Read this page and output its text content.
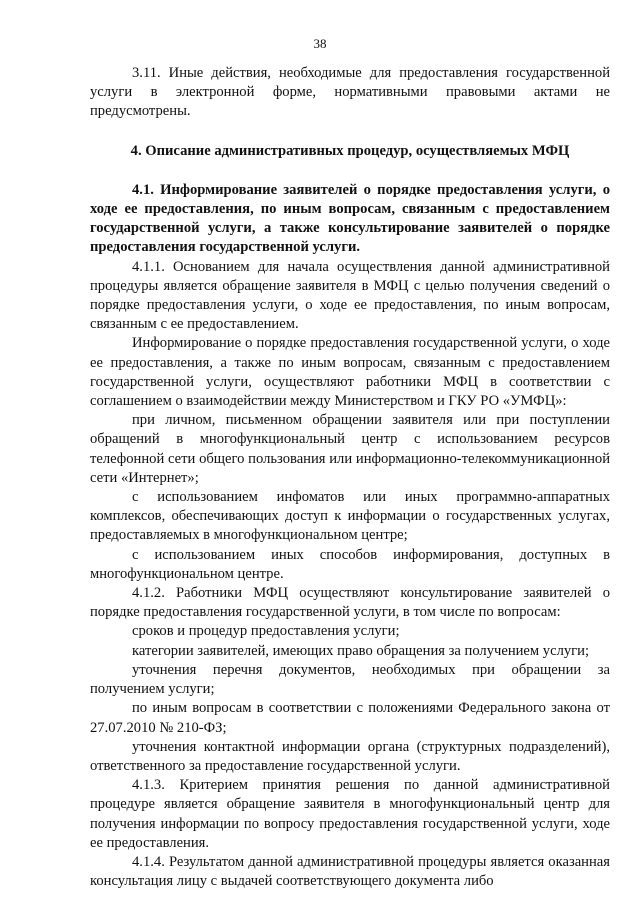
38

3.11. Иные действия, необходимые для предоставления государственной услуги в электронной форме, нормативными правовыми актами не предусмотрены.

4. Описание административных процедур, осуществляемых МФЦ

4.1. Информирование заявителей о порядке предоставления услуги, о ходе ее предоставления, по иным вопросам, связанным с предоставлением государственной услуги, а также консультирование заявителей о порядке предоставления государственной услуги.

4.1.1. Основанием для начала осуществления данной административной процедуры является обращение заявителя в МФЦ с целью получения сведений о порядке предоставления услуги, о ходе ее предоставления, по иным вопросам, связанным с ее предоставлением.

Информирование о порядке предоставления государственной услуги, о ходе ее предоставления, а также по иным вопросам, связанным с предоставлением государственной услуги, осуществляют работники МФЦ в соответствии с соглашением о взаимодействии между Министерством и ГКУ РО «УМФЦ»:

при личном, письменном обращении заявителя или при поступлении обращений в многофункциональный центр с использованием ресурсов телефонной сети общего пользования или информационно-телекоммуникационной сети «Интернет»;

с использованием инфоматов или иных программно-аппаратных комплексов, обеспечивающих доступ к информации о государственных услугах, предоставляемых в многофункциональном центре;

с использованием иных способов информирования, доступных в многофункциональном центре.

4.1.2. Работники МФЦ осуществляют консультирование заявителей о порядке предоставления государственной услуги, в том числе по вопросам:

сроков и процедур предоставления услуги;

категории заявителей, имеющих право обращения за получением услуги;

уточнения перечня документов, необходимых при обращении за получением услуги;

по иным вопросам в соответствии с положениями Федерального закона от 27.07.2010 № 210-ФЗ;

уточнения контактной информации органа (структурных подразделений), ответственного за предоставление государственной услуги.

4.1.3. Критерием принятия решения по данной административной процедуре является обращение заявителя в многофункциональный центр для получения информации по вопросу предоставления государственной услуги, ходе ее предоставления.

4.1.4. Результатом данной административной процедуры является оказанная консультация лицу с выдачей соответствующего документа либо
